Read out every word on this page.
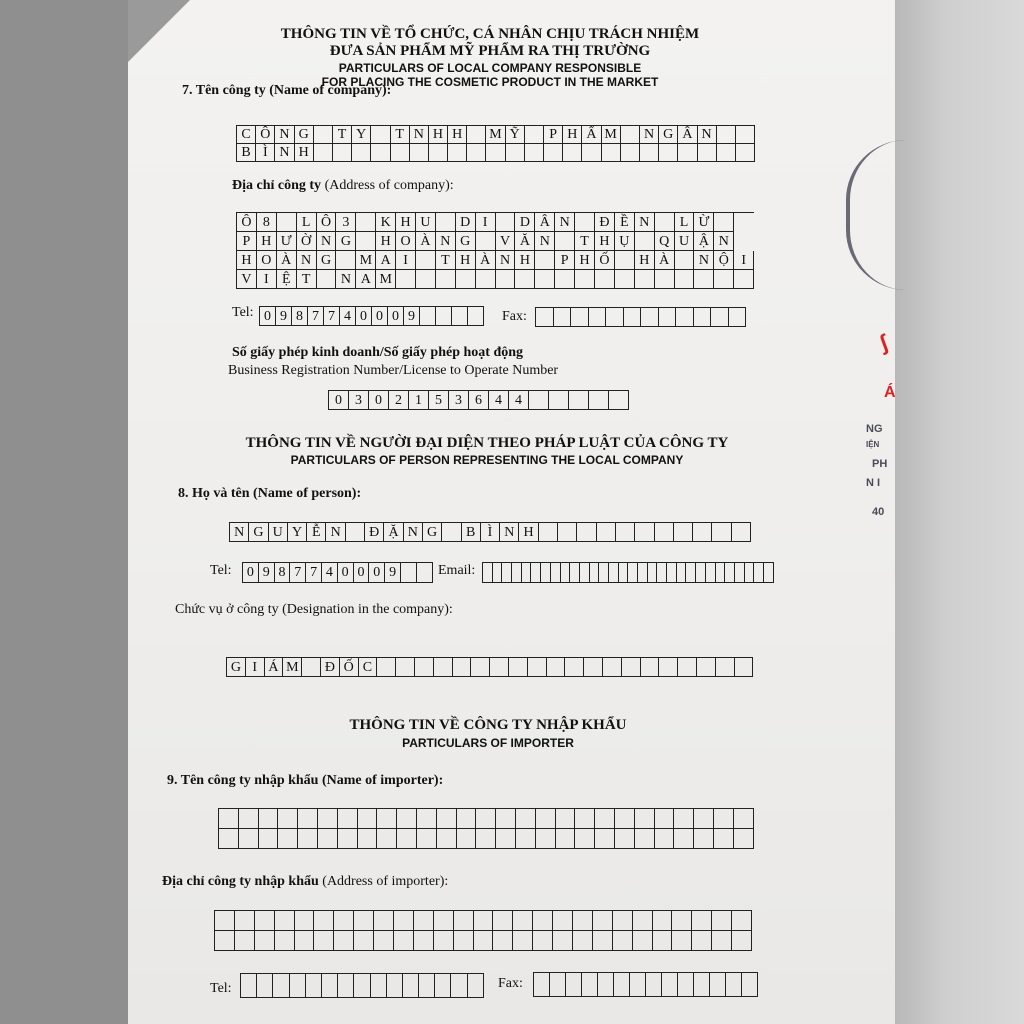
THÔNG TIN VỀ TỔ CHỨC, CÁ NHÂN CHỊU TRÁCH NHIỆM
ĐƯA SẢN PHẨM MỸ PHẨM RA THỊ TRƯỜNG
PARTICULARS OF LOCAL COMPANY RESPONSIBLE
FOR PLACING THE COSMETIC PRODUCT IN THE MARKET
7. Tên công ty (Name of company):
C Ô N G	T Y	T N H H	M Ỹ	P H Ẩ M N G Â N
B Ì N H
Địa chỉ công ty (Address of company):
Ô 8	L Ô 3	K H U	D I	D Â N	Đ Ề N	L Ừ
P H Ư Ờ N G	H O À N G	V Ă N	T H Ụ	Q U Ậ N
H O À N G	M A I	T H À N H	P H Ố	H À	N Ộ I
V I Ệ T	N A M
Tel: 0 9 8 7 7 4 0 0 0 9	Fax:
Số giấy phép kinh doanh/Số giấy phép hoạt động
Business Registration Number/License to Operate Number
0 3 0 2 1 5 3 6 4 4
THÔNG TIN VỀ NGƯỜI ĐẠI DIỆN THEO PHÁP LUẬT CỦA CÔNG TY
PARTICULARS OF PERSON REPRESENTING THE LOCAL COMPANY
8. Họ và tên (Name of person):
N G U Y Ễ N	Đ Ặ N G	B Ì N H
Tel: 0 9 8 7 7 4 0 0 0 9	Email:
Chức vụ ở công ty (Designation in the company):
G I Á M Đ Ố C
THÔNG TIN VỀ CÔNG TY NHẬP KHẨU
PARTICULARS OF IMPORTER
9. Tên công ty nhập khẩu (Name of importer):
Địa chỉ công ty nhập khẩu (Address of importer):
Tel:	Fax:
ʃ
Á
NG
IỆN
PH
N I
40
